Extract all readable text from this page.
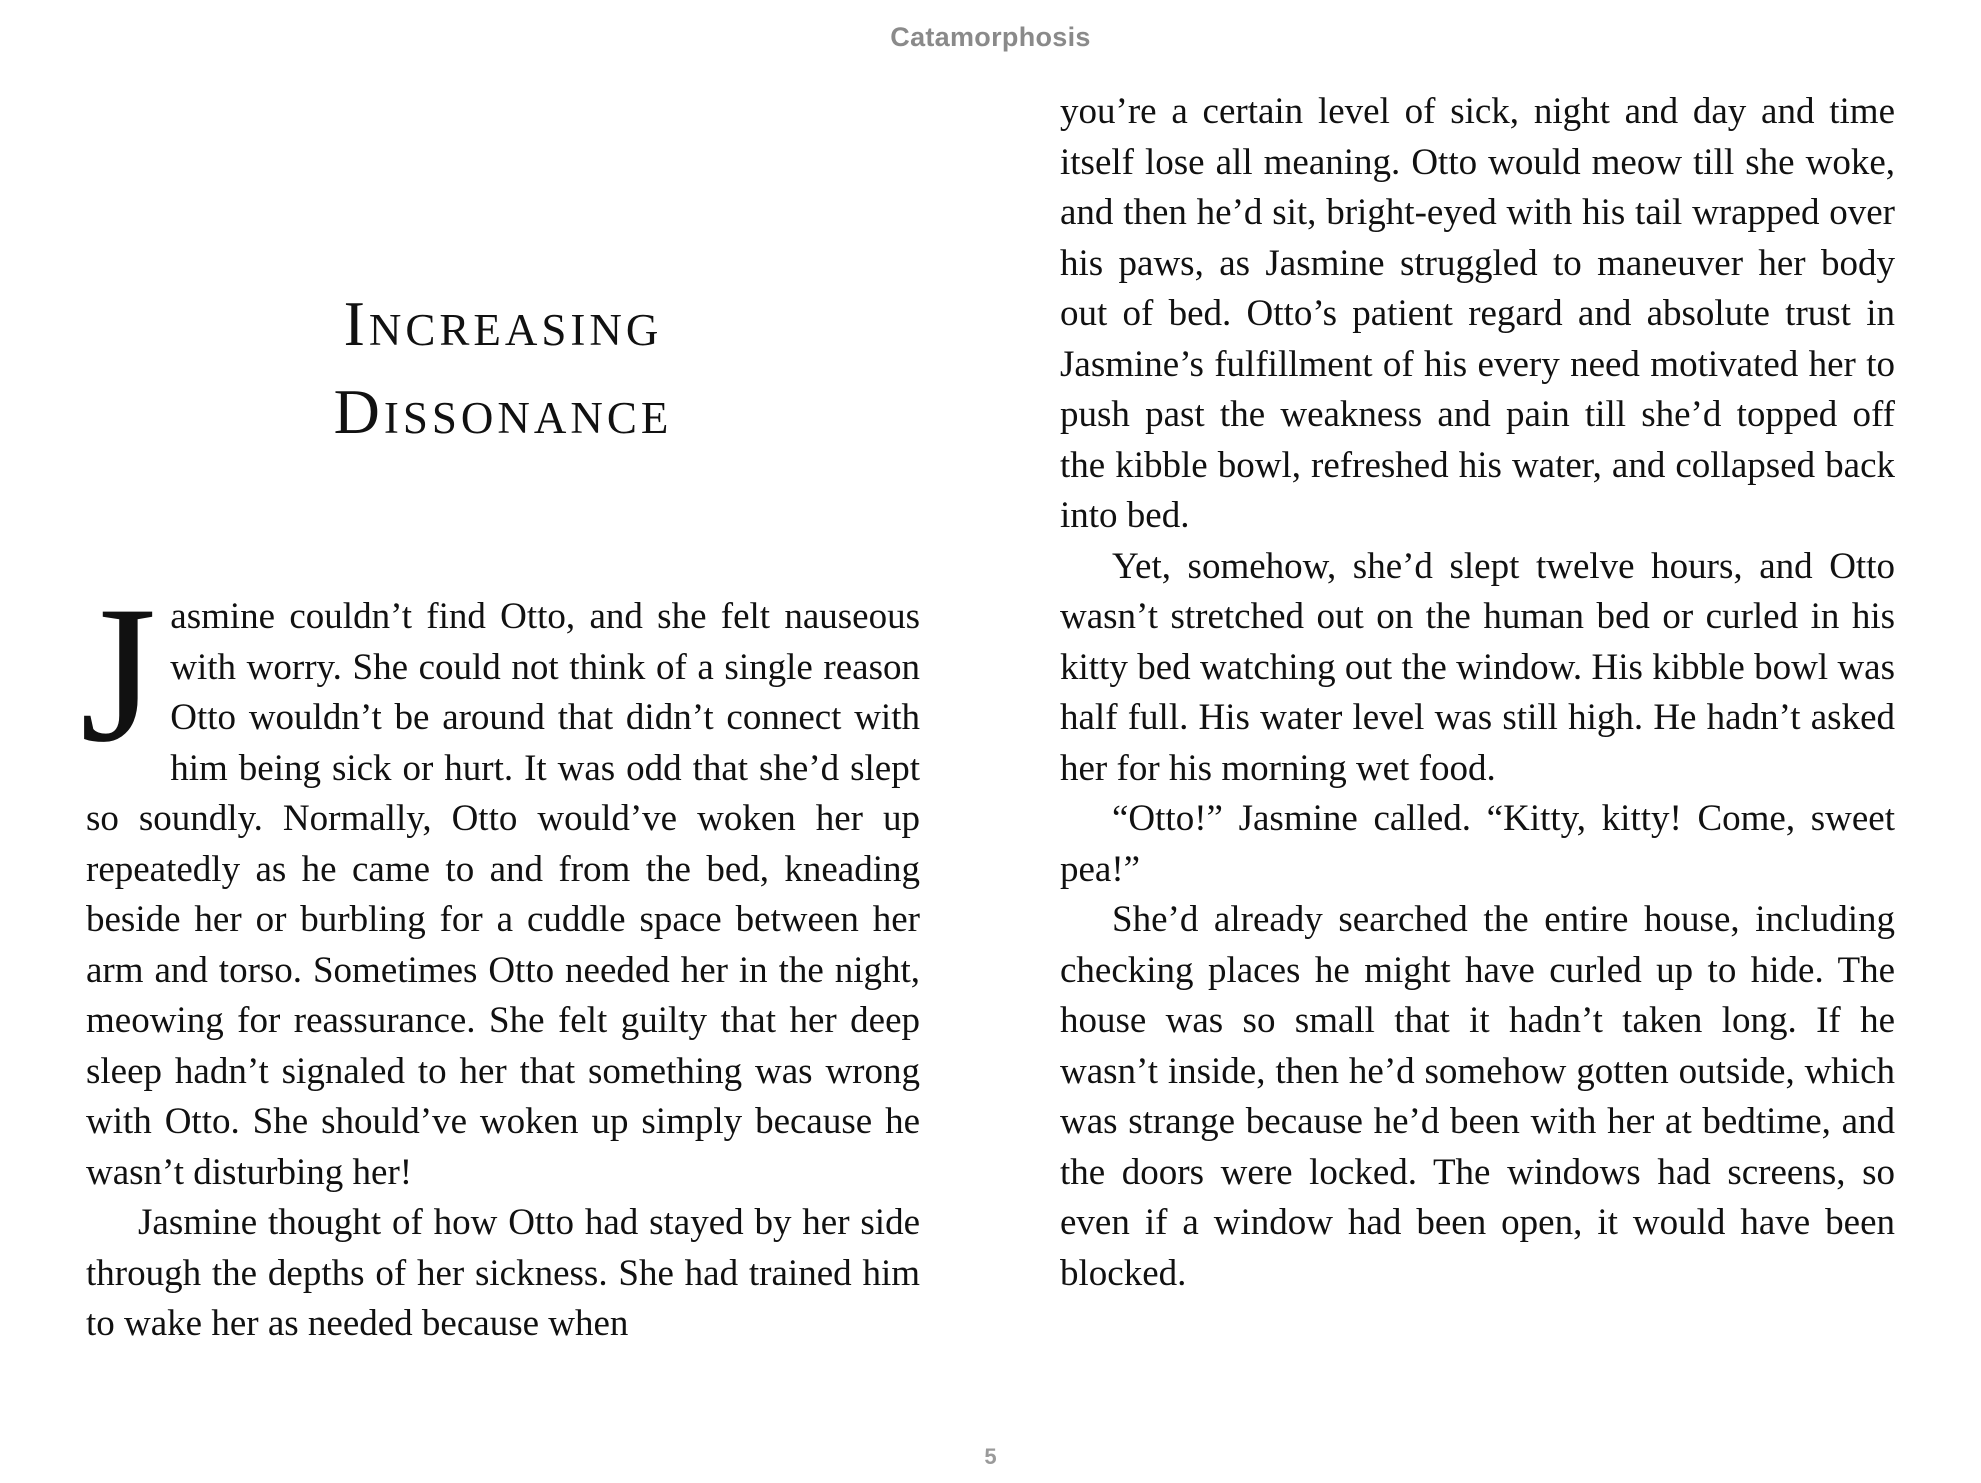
Catamorphosis
Increasing
Dissonance

Jasmine couldn’t find Otto, and she felt nauseous with worry. She could not think of a single reason Otto wouldn’t be around that didn’t connect with him being sick or hurt. It was odd that she’d slept so soundly. Normally, Otto would’ve woken her up repeatedly as he came to and from the bed, kneading beside her or burbling for a cuddle space between her arm and torso. Sometimes Otto needed her in the night, meowing for reassurance. She felt guilty that her deep sleep hadn’t signaled to her that something was wrong with Otto. She should’ve woken up simply because he wasn’t disturbing her!

Jasmine thought of how Otto had stayed by her side through the depths of her sickness. She had trained him to wake her as needed because when

you’re a certain level of sick, night and day and time itself lose all meaning. Otto would meow till she woke, and then he’d sit, bright-eyed with his tail wrapped over his paws, as Jasmine struggled to maneuver her body out of bed. Otto’s patient regard and absolute trust in Jasmine’s fulfillment of his every need motivated her to push past the weakness and pain till she’d topped off the kibble bowl, refreshed his water, and collapsed back into bed.

Yet, somehow, she’d slept twelve hours, and Otto wasn’t stretched out on the human bed or curled in his kitty bed watching out the window. His kibble bowl was half full. His water level was still high. He hadn’t asked her for his morning wet food.

“Otto!” Jasmine called. “Kitty, kitty! Come, sweet pea!”

She’d already searched the entire house, including checking places he might have curled up to hide. The house was so small that it hadn’t taken long. If he wasn’t inside, then he’d somehow gotten outside, which was strange because he’d been with her at bedtime, and the doors were locked. The windows had screens, so even if a window had been open, it would have been blocked.

5
